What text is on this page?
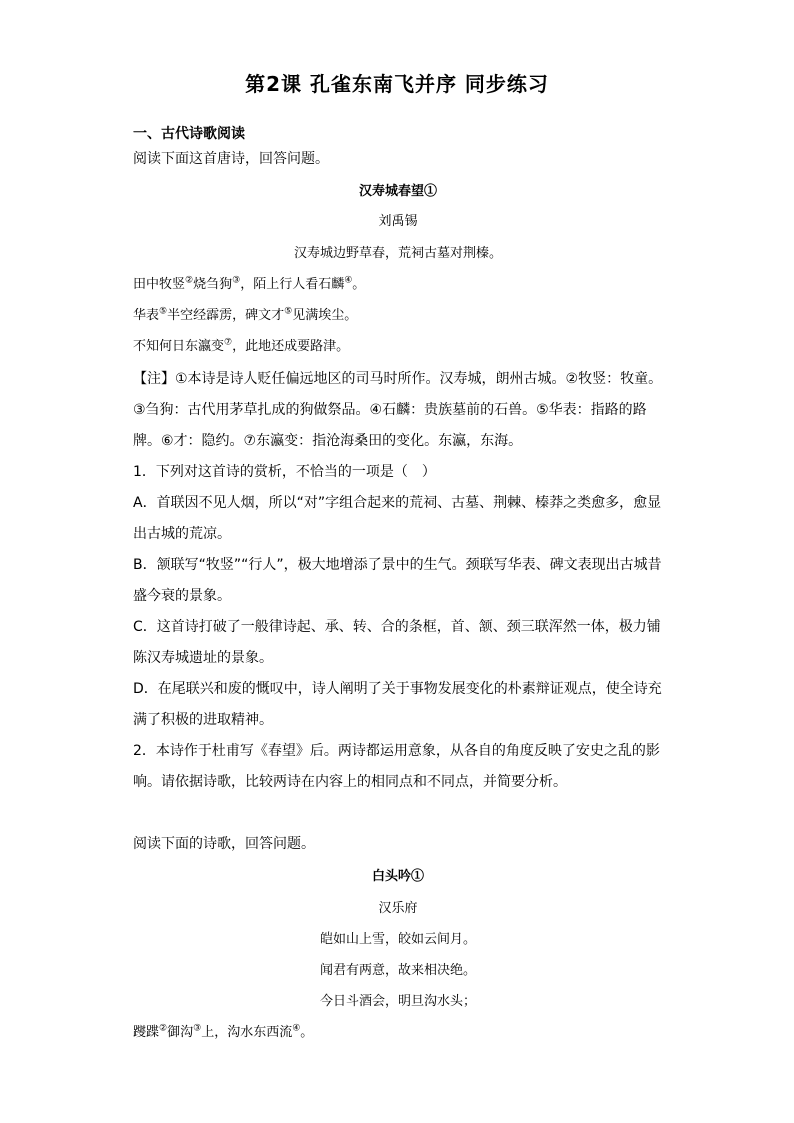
第2课 孔雀东南飞并序 同步练习
一、古代诗歌阅读
阅读下面这首唐诗，回答问题。
汉寿城春望①
刘禹锡
汉寿城边野草春，荒祠古墓对荆榛。
田中牧竖②烧刍狗③，陌上行人看石麟④。
华表⑤半空经霹雳，碑文才⑤见满埃尘。
不知何日东瀛变⑦，此地还成要路津。
【注】①本诗是诗人贬任偏远地区的司马时所作。汉寿城，朗州古城。②牧竖：牧童。
③刍狗：古代用茅草扎成的狗做祭品。④石麟：贵族墓前的石兽。⑤华表：指路的路
牌。⑥才：隐约。⑦东瀛变：指沧海桑田的变化。东瀛，东海。
1．下列对这首诗的赏析，不恰当的一项是（　）
A．首联因不见人烟，所以“对”字组合起来的荒祠、古墓、荆棘、榛莽之类愈多，愈显
出古城的荒凉。
B．颔联写“牧竖”“行人”，极大地增添了景中的生气。颈联写华表、碑文表现出古城昔
盛今衰的景象。
C．这首诗打破了一般律诗起、承、转、合的条框，首、颔、颈三联浑然一体，极力铺
陈汉寿城遗址的景象。
D．在尾联兴和废的慨叹中，诗人阐明了关于事物发展变化的朴素辩证观点，使全诗充
满了积极的进取精神。
2．本诗作于杜甫写《春望》后。两诗都运用意象，从各自的角度反映了安史之乱的影
响。请依据诗歌，比较两诗在内容上的相同点和不同点，并简要分析。
阅读下面的诗歌，回答问题。
白头吟①
汉乐府
皑如山上雪，皎如云间月。
闻君有两意，故来相决绝。
今日斗酒会，明旦沟水头；
躞蹀②御沟③上，沟水东西流④。
